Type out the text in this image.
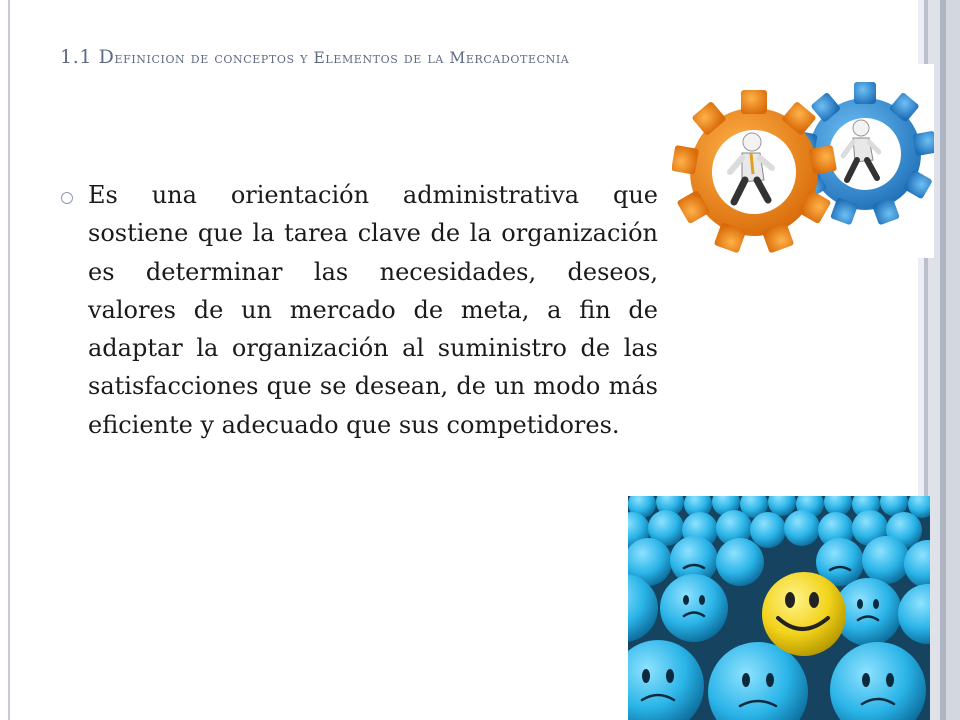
1.1 Definicion de conceptos y Elementos de la Mercadotecnia

Es una orientación administrativa que sostiene que la tarea clave de la organización es determinar las necesidades, deseos, valores de un mercado de meta, a fin de adaptar la organización al suministro de las satisfacciones que se desean, de un modo más eficiente y adecuado que sus competidores.
